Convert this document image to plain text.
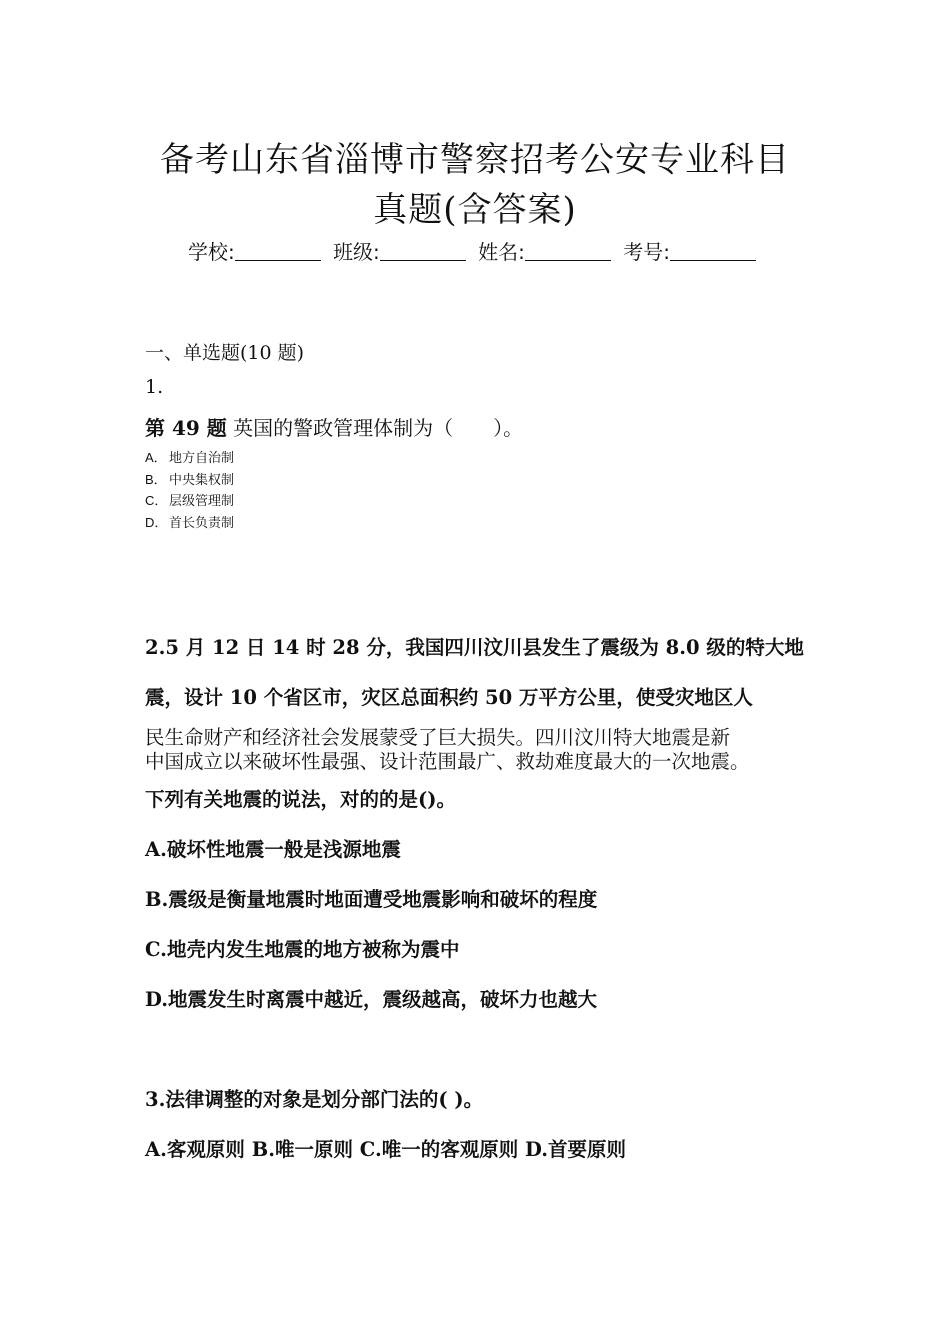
备考山东省淄博市警察招考公安专业科目
真题(含答案)
学校:	班级:	姓名:	考号:
一、单选题(10 题)
1.
第 49 题 英国的警政管理体制为（　　）。
A． 地方自治制
B． 中央集权制
C． 层级管理制
D． 首长负责制
2.5 月 12 日 14 时 28 分，我国四川汶川县发生了震级为 8.0 级的特大地
震，设计 10 个省区市，灾区总面积约 50 万平方公里，使受灾地区人
民生命财产和经济社会发展蒙受了巨大损失。四川汶川特大地震是新
中国成立以来破坏性最强、设计范围最广、救劫难度最大的一次地震。
下列有关地震的说法，对的的是()。
A.破坏性地震一般是浅源地震
B.震级是衡量地震时地面遭受地震影响和破坏的程度
C.地壳内发生地震的地方被称为震中
D.地震发生时离震中越近，震级越高，破坏力也越大
3.法律调整的对象是划分部门法的( )。
A.客观原则 B.唯一原则 C.唯一的客观原则 D.首要原则
